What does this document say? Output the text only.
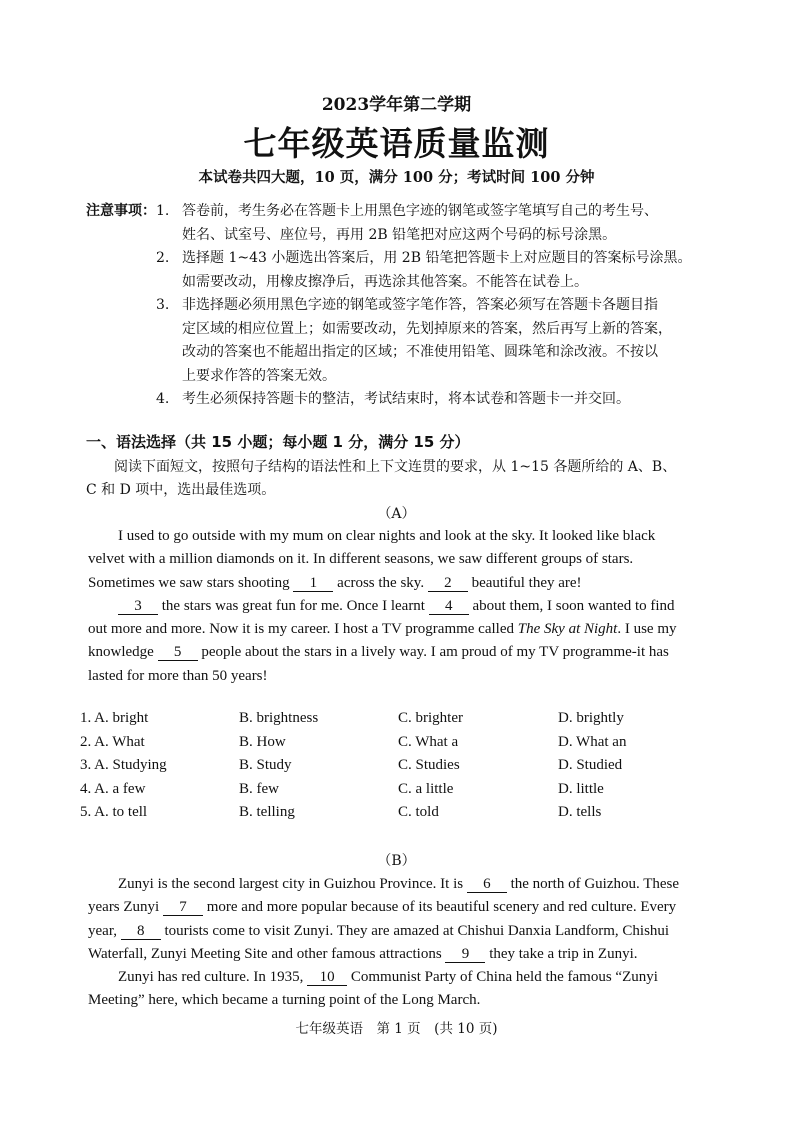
2023学年第二学期
七年级英语质量监测
本试卷共四大题，10 页，满分 100 分；考试时间 100 分钟
注意事项： 1. 答卷前，考生务必在答题卡上用黑色字迹的钢笔或签字笔填写自己的考生号、
姓名、试室号、座位号，再用 2B 铅笔把对应这两个号码的标号涂黑。
2. 选择题 1~43 小题选出答案后，用 2B 铅笔把答题卡上对应题目的答案标号涂黑。
如需要改动，用橡皮擦净后，再选涂其他答案。不能答在试卷上。
3. 非选择题必须用黑色字迹的钢笔或签字笔作答，答案必须写在答题卡各题目指
定区域的相应位置上；如需要改动，先划掉原来的答案，然后再写上新的答案，
改动的答案也不能超出指定的区域；不准使用铅笔、圆珠笔和涂改液。不按以
上要求作答的答案无效。
4. 考生必须保持答题卡的整洁，考试结束时，将本试卷和答题卡一并交回。
一、语法选择（共 15 小题；每小题 1 分，满分 15 分）
阅读下面短文，按照句子结构的语法性和上下文连贯的要求，从 1~15 各题所给的 A、B、
C 和 D 项中，选出最佳选项。
（A）
I used to go outside with my mum on clear nights and look at the sky. It looked like black
velvet with a million diamonds on it. In different seasons, we saw different groups of stars.
Sometimes we saw stars shooting 1 across the sky. 2 beautiful they are!
3 the stars was great fun for me. Once I learnt 4 about them, I soon wanted to find
out more and more. Now it is my career. I host a TV programme called The Sky at Night. I use my
knowledge 5 people about the stars in a lively way. I am proud of my TV programme-it has
lasted for more than 50 years!
1. A. bright	B. brightness	C. brighter	D. brightly
2. A. What	B. How	C. What a	D. What an
3. A. Studying	B. Study	C. Studies	D. Studied
4. A. a few	B. few	C. a little	D. little
5. A. to tell	B. telling	C. told	D. tells
（B）
Zunyi is the second largest city in Guizhou Province. It is 6 the north of Guizhou. These
years Zunyi 7 more and more popular because of its beautiful scenery and red culture. Every
year, 8 tourists come to visit Zunyi. They are amazed at Chishui Danxia Landform, Chishui
Waterfall, Zunyi Meeting Site and other famous attractions 9 they take a trip in Zunyi.
Zunyi has red culture. In 1935, 10 Communist Party of China held the famous “Zunyi
Meeting” here, which became a turning point of the Long March.
七年级英语　第 1 页　(共 10 页)
